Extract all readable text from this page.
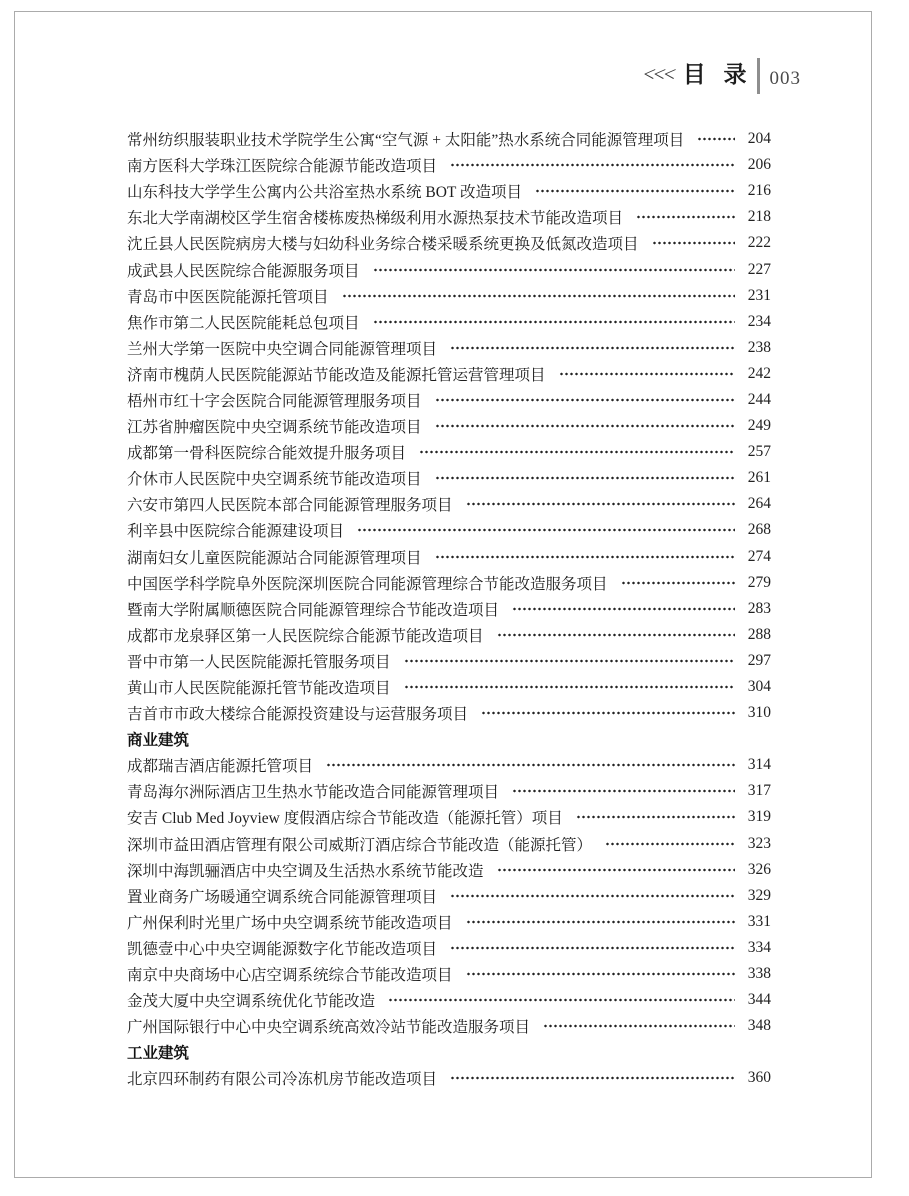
<<< 目 录 003
常州纺织服装职业技术学院学生公寓“空气源 + 太阳能”热水系统合同能源管理项目	204
南方医科大学珠江医院综合能源节能改造项目	206
山东科技大学学生公寓内公共浴室热水系统 BOT 改造项目	216
东北大学南湖校区学生宿舍楼栋废热梯级利用水源热泵技术节能改造项目	218
沈丘县人民医院病房大楼与妇幼科业务综合楼采暖系统更换及低氮改造项目	222
成武县人民医院综合能源服务项目	227
青岛市中医医院能源托管项目	231
焦作市第二人民医院能耗总包项目	234
兰州大学第一医院中央空调合同能源管理项目	238
济南市槐荫人民医院能源站节能改造及能源托管运营管理项目	242
梧州市红十字会医院合同能源管理服务项目	244
江苏省肿瘤医院中央空调系统节能改造项目	249
成都第一骨科医院综合能效提升服务项目	257
介休市人民医院中央空调系统节能改造项目	261
六安市第四人民医院本部合同能源管理服务项目	264
利辛县中医院综合能源建设项目	268
湖南妇女儿童医院能源站合同能源管理项目	274
中国医学科学院阜外医院深圳医院合同能源管理综合节能改造服务项目	279
暨南大学附属顺德医院合同能源管理综合节能改造项目	283
成都市龙泉驿区第一人民医院综合能源节能改造项目	288
晋中市第一人民医院能源托管服务项目	297
黄山市人民医院能源托管节能改造项目	304
吉首市市政大楼综合能源投资建设与运营服务项目	310
商业建筑
成都瑞吉酒店能源托管项目	314
青岛海尔洲际酒店卫生热水节能改造合同能源管理项目	317
安吉 Club Med Joyview 度假酒店综合节能改造（能源托管）项目	319
深圳市益田酒店管理有限公司威斯汀酒店综合节能改造（能源托管）	323
深圳中海凯骊酒店中央空调及生活热水系统节能改造	326
置业商务广场暖通空调系统合同能源管理项目	329
广州保利时光里广场中央空调系统节能改造项目	331
凯德壹中心中央空调能源数字化节能改造项目	334
南京中央商场中心店空调系统综合节能改造项目	338
金茂大厦中央空调系统优化节能改造	344
广州国际银行中心中央空调系统高效冷站节能改造服务项目	348
工业建筑
北京四环制药有限公司冷冻机房节能改造项目	360
